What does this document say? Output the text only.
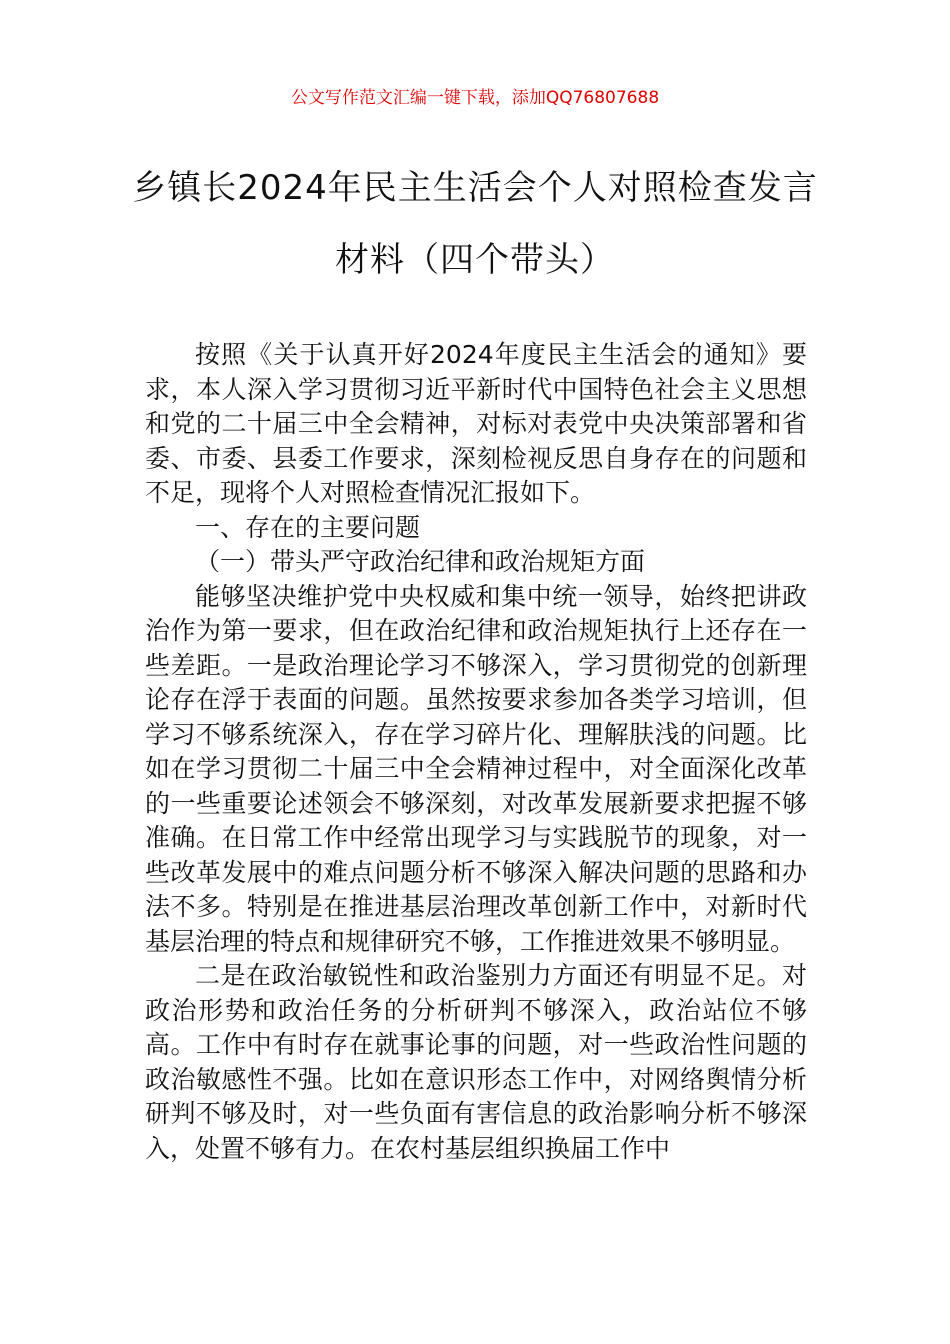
公文写作范文汇编一键下载，添加QQ76807688
乡镇长2024年民主生活会个人对照检查发言材料（四个带头）

按照《关于认真开好2024年度民主生活会的通知》要求，本人深入学习贯彻习近平新时代中国特色社会主义思想和党的二十届三中全会精神，对标对表党中央决策部署和省委、市委、县委工作要求，深刻检视反思自身存在的问题和不足，现将个人对照检查情况汇报如下。

一、存在的主要问题

（一）带头严守政治纪律和政治规矩方面

能够坚决维护党中央权威和集中统一领导，始终把讲政治作为第一要求，但在政治纪律和政治规矩执行上还存在一些差距。一是政治理论学习不够深入，学习贯彻党的创新理论存在浮于表面的问题。虽然按要求参加各类学习培训，但学习不够系统深入，存在学习碎片化、理解肤浅的问题。比如在学习贯彻二十届三中全会精神过程中，对全面深化改革的一些重要论述领会不够深刻，对改革发展新要求把握不够准确。在日常工作中经常出现学习与实践脱节的现象，对一些改革发展中的难点问题分析不够深入解决问题的思路和办法不多。特别是在推进基层治理改革创新工作中，对新时代基层治理的特点和规律研究不够，工作推进效果不够明显。

二是在政治敏锐性和政治鉴别力方面还有明显不足。对政治形势和政治任务的分析研判不够深入，政治站位不够高。工作中有时存在就事论事的问题，对一些政治性问题的政治敏感性不强。比如在意识形态工作中，对网络舆情分析研判不够及时，对一些负面有害信息的政治影响分析不够深入，处置不够有力。在农村基层组织换届工作中
